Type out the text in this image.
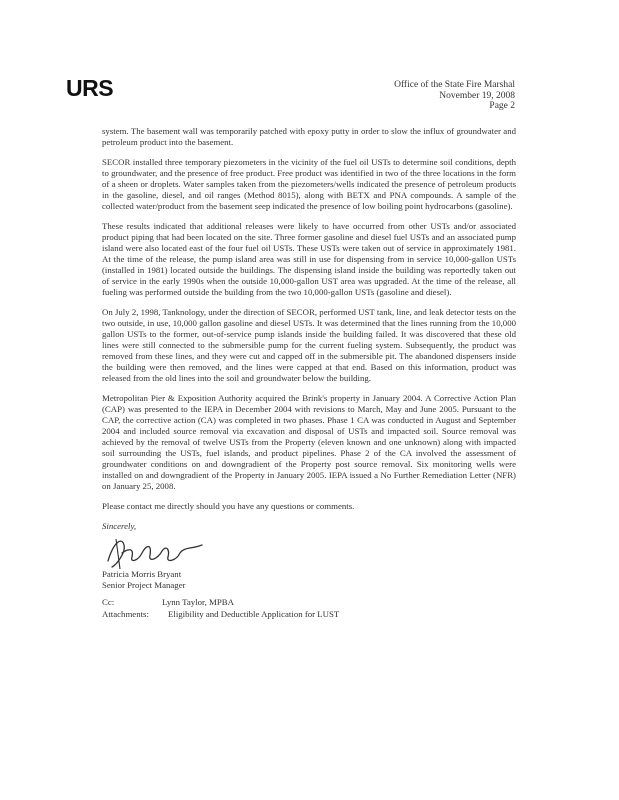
URS	Office of the State Fire Marshal
November 19, 2008
Page 2

system. The basement wall was temporarily patched with epoxy putty in order to slow the influx of groundwater and petroleum product into the basement.

SECOR installed three temporary piezometers in the vicinity of the fuel oil USTs to determine soil conditions, depth to groundwater, and the presence of free product. Free product was identified in two of the three locations in the form of a sheen or droplets. Water samples taken from the piezometers/wells indicated the presence of petroleum products in the gasoline, diesel, and oil ranges (Method 8015), along with BETX and PNA compounds. A sample of the collected water/product from the basement seep indicated the presence of low boiling point hydrocarbons (gasoline).

These results indicated that additional releases were likely to have occurred from other USTs and/or associated product piping that had been located on the site. Three former gasoline and diesel fuel USTs and an associated pump island were also located east of the four fuel oil USTs. These USTs were taken out of service in approximately 1981. At the time of the release, the pump island area was still in use for dispensing from in service 10,000-gallon USTs (installed in 1981) located outside the buildings. The dispensing island inside the building was reportedly taken out of service in the early 1990s when the outside 10,000-gallon UST area was upgraded. At the time of the release, all fueling was performed outside the building from the two 10,000-gallon USTs (gasoline and diesel).

On July 2, 1998, Tanknology, under the direction of SECOR, performed UST tank, line, and leak detector tests on the two outside, in use, 10,000 gallon gasoline and diesel USTs. It was determined that the lines running from the 10,000 gallon USTs to the former, out-of-service pump islands inside the building failed. It was discovered that these old lines were still connected to the submersible pump for the current fueling system. Subsequently, the product was removed from these lines, and they were cut and capped off in the submersible pit. The abandoned dispensers inside the building were then removed, and the lines were capped at that end. Based on this information, product was released from the old lines into the soil and groundwater below the building.

Metropolitan Pier & Exposition Authority acquired the Brink's property in January 2004. A Corrective Action Plan (CAP) was presented to the IEPA in December 2004 with revisions to March, May and June 2005. Pursuant to the CAP, the corrective action (CA) was completed in two phases. Phase 1 CA was conducted in August and September 2004 and included source removal via excavation and disposal of USTs and impacted soil. Source removal was achieved by the removal of twelve USTs from the Property (eleven known and one unknown) along with impacted soil surrounding the USTs, fuel islands, and product pipelines. Phase 2 of the CA involved the assessment of groundwater conditions on and downgradient of the Property post source removal. Six monitoring wells were installed on and downgradient of the Property in January 2005. IEPA issued a No Further Remediation Letter (NFR) on January 25, 2008.

Please contact me directly should you have any questions or comments.

Sincerely,
Patricia Morris Bryant
Senior Project Manager
Cc:	Lynn Taylor, MPBA
Attachments:	Eligibility and Deductible Application for LUST
